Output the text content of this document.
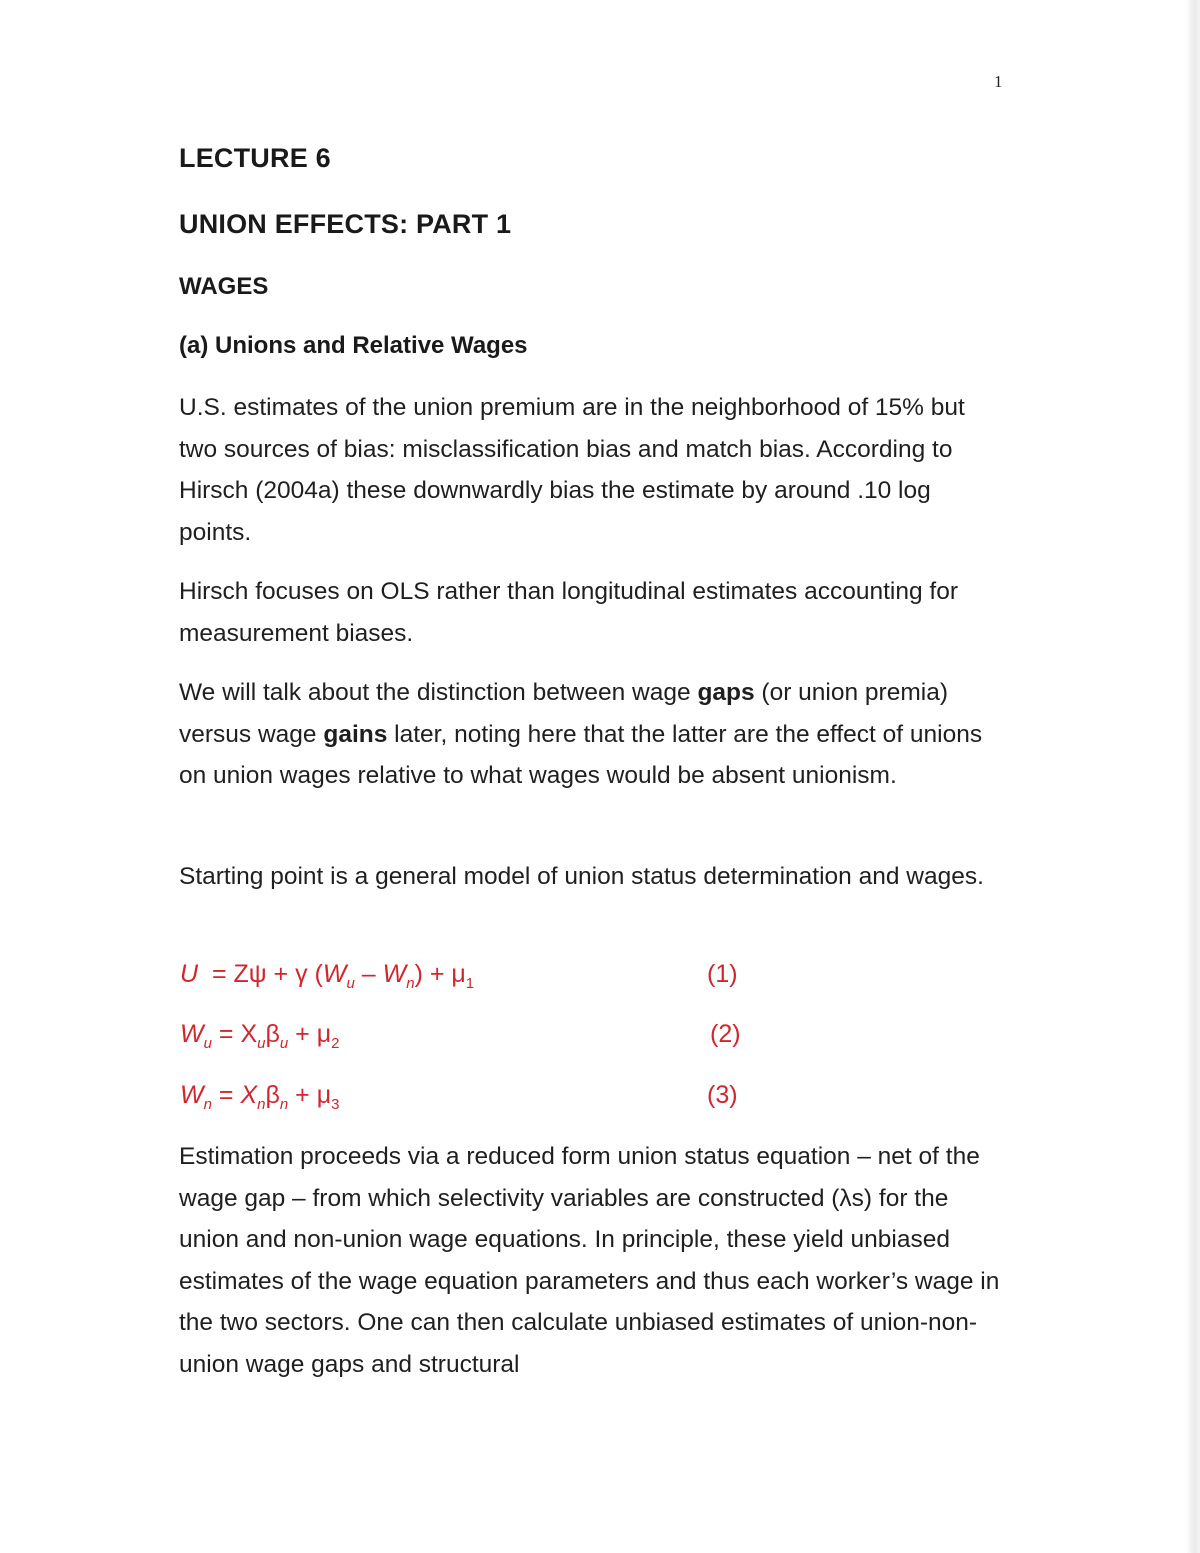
1
LECTURE 6
UNION EFFECTS: PART 1
WAGES
(a) Unions and Relative Wages

U.S. estimates of the union premium are in the neighborhood of 15% but two sources of bias: misclassification bias and match bias. According to Hirsch (2004a) these downwardly bias the estimate by around .10 log points.

Hirsch focuses on OLS rather than longitudinal estimates accounting for measurement biases.

We will talk about the distinction between wage gaps (or union premia) versus wage gains later, noting here that the latter are the effect of unions on union wages relative to what wages would be absent unionism.

Starting point is a general model of union status determination and wages.

U  = Zψ + γ $(W_u - W_n) + \mu_1$	(1)
$W_u = X_u\beta_u + \mu_2$	(2)
$W_n = X_n\beta_n + \mu_3$	(3)

Estimation proceeds via a reduced form union status equation – net of the wage gap – from which selectivity variables are constructed (λs) for the union and non-union wage equations. In principle, these yield unbiased estimates of the wage equation parameters and thus each worker’s wage in the two sectors. One can then calculate unbiased estimates of union-non-union wage gaps and structural
